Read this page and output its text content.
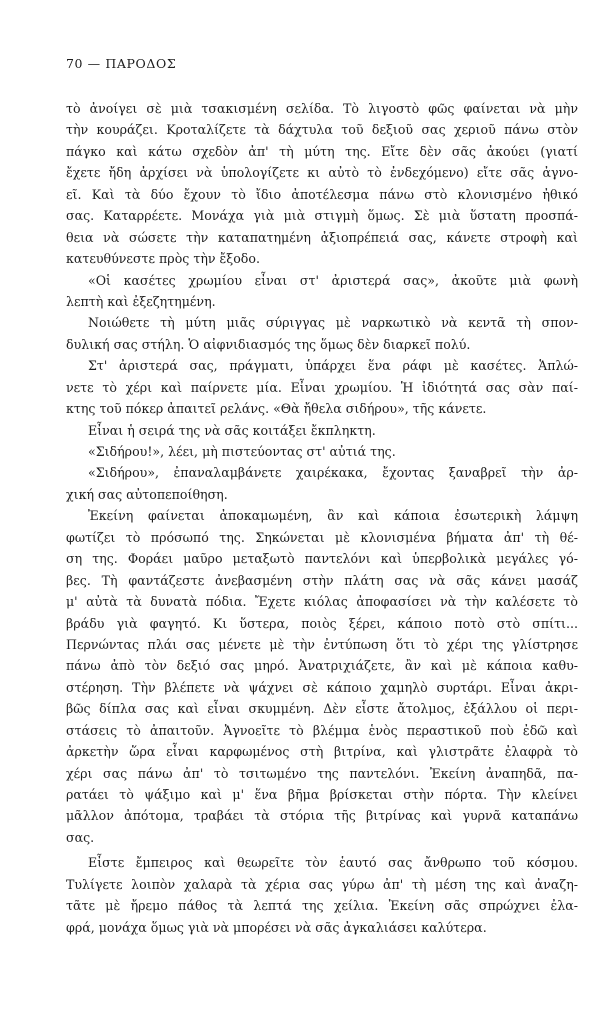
70 — ΠΑΡΟΔΟΣ
τὸ ἀνοίγει σὲ μιὰ τσακισμένη σελίδα. Τὸ λιγοστὸ φῶς φαίνεται νὰ μὴν
τὴν κουράζει. Κροταλίζετε τὰ δάχτυλα τοῦ δεξιοῦ σας χεριοῦ πάνω στὸν
πάγκο καὶ κάτω σχεδὸν ἀπ' τὴ μύτη της. Εἴτε δὲν σᾶς ἀκούει (γιατί
ἔχετε ἤδη ἀρχίσει νὰ ὑπολογίζετε κι αὐτὸ τὸ ἐνδεχόμενο) εἴτε σᾶς ἀγνο-
εῖ. Καὶ τὰ δύο ἔχουν τὸ ἴδιο ἀποτέλεσμα πάνω στὸ κλονισμένο ἠθικό
σας. Καταρρέετε. Μονάχα γιὰ μιὰ στιγμὴ ὅμως. Σὲ μιὰ ὕστατη προσπά-
θεια νὰ σώσετε τὴν καταπατημένη ἀξιοπρέπειά σας, κάνετε στροφὴ καὶ
κατευθύνεστε πρὸς τὴν ἔξοδο.
«Οἱ κασέτες χρωμίου εἶναι στ' ἀριστερά σας», ἀκοῦτε μιὰ φωνὴ
λεπτὴ καὶ ἐξεζητημένη.
Νοιώθετε τὴ μύτη μιᾶς σύριγγας μὲ ναρκωτικὸ νὰ κεντᾶ τὴ σπον-
δυλική σας στήλη. Ὁ αἰφνιδιασμός της ὅμως δὲν διαρκεῖ πολύ.
Στ' ἀριστερά σας, πράγματι, ὑπάρχει ἕνα ράφι μὲ κασέτες. Ἁπλώ-
νετε τὸ χέρι καὶ παίρνετε μία. Εἶναι χρωμίου. Ἡ ἰδιότητά σας σὰν παί-
κτης τοῦ πόκερ ἀπαιτεῖ ρελάνς. «Θὰ ἤθελα σιδήρου», τῆς κάνετε.
Εἶναι ἡ σειρά της νὰ σᾶς κοιτάξει ἔκπληκτη.
«Σιδήρου!», λέει, μὴ πιστεύοντας στ' αὐτιά της.
«Σιδήρου», ἐπαναλαμβάνετε χαιρέκακα, ἔχοντας ξαναβρεῖ τὴν ἀρ-
χική σας αὐτοπεποίθηση.
Ἐκείνη φαίνεται ἀποκαμωμένη, ἂν καὶ κάποια ἐσωτερικὴ λάμψη
φωτίζει τὸ πρόσωπό της. Σηκώνεται μὲ κλονισμένα βήματα ἀπ' τὴ θέ-
ση της. Φοράει μαῦρο μεταξωτὸ παντελόνι καὶ ὑπερβολικὰ μεγάλες γό-
βες. Τὴ φαντάζεστε ἀνεβασμένη στὴν πλάτη σας νὰ σᾶς κάνει μασάζ
μ' αὐτὰ τὰ δυνατὰ πόδια. Ἔχετε κιόλας ἀποφασίσει νὰ τὴν καλέσετε τὸ
βράδυ γιὰ φαγητό. Κι ὕστερα, ποιὸς ξέρει, κάποιο ποτὸ στὸ σπίτι...
Περνώντας πλάι σας μένετε μὲ τὴν ἐντύπωση ὅτι τὸ χέρι της γλίστρησε
πάνω ἀπὸ τὸν δεξιό σας μηρό. Ἀνατριχιάζετε, ἂν καὶ μὲ κάποια καθυ-
στέρηση. Τὴν βλέπετε νὰ ψάχνει σὲ κάποιο χαμηλὸ συρτάρι. Εἶναι ἀκρι-
βῶς δίπλα σας καὶ εἶναι σκυμμένη. Δὲν εἶστε ἄτολμος, ἐξάλλου οἱ περι-
στάσεις τὸ ἀπαιτοῦν. Ἀγνοεῖτε τὸ βλέμμα ἑνὸς περαστικοῦ ποὺ ἐδῶ καὶ
ἀρκετὴν ὥρα εἶναι καρφωμένος στὴ βιτρίνα, καὶ γλιστρᾶτε ἐλαφρὰ τὸ
χέρι σας πάνω ἀπ' τὸ τσιτωμένο της παντελόνι. Ἐκείνη ἀναπηδᾶ, πα-
ρατάει τὸ ψάξιμο καὶ μ' ἕνα βῆμα βρίσκεται στὴν πόρτα. Τὴν κλείνει
μᾶλλον ἀπότομα, τραβάει τὰ στόρια τῆς βιτρίνας καὶ γυρνᾶ καταπάνω
σας.
Εἶστε ἔμπειρος καὶ θεωρεῖτε τὸν ἑαυτό σας ἄνθρωπο τοῦ κόσμου.
Τυλίγετε λοιπὸν χαλαρὰ τὰ χέρια σας γύρω ἀπ' τὴ μέση της καὶ ἀναζη-
τᾶτε μὲ ἤρεμο πάθος τὰ λεπτά της χείλια. Ἐκείνη σᾶς σπρώχνει ἐλα-
φρά, μονάχα ὅμως γιὰ νὰ μπορέσει νὰ σᾶς ἀγκαλιάσει καλύτερα.
